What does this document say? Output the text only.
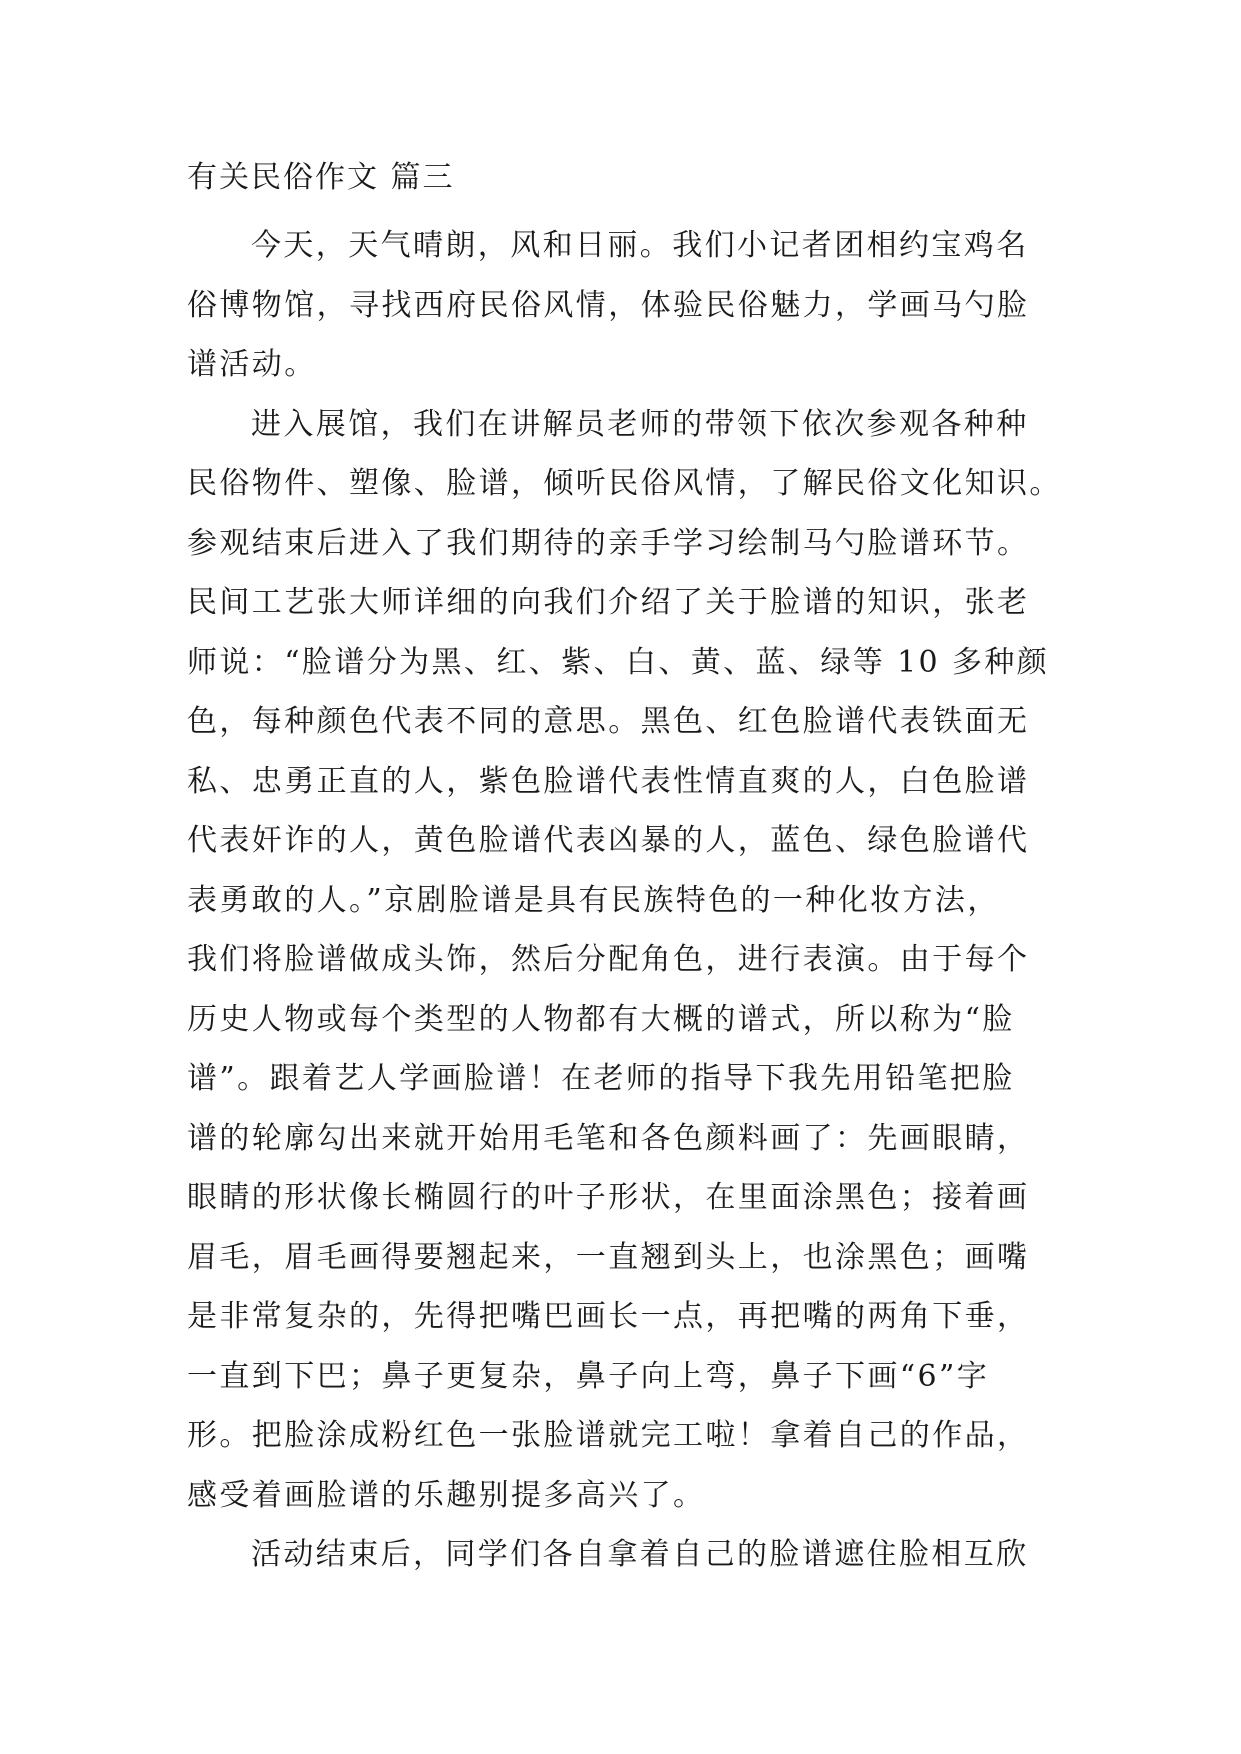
有关民俗作文 篇三

今天，天气晴朗，风和日丽。我们小记者团相约宝鸡名
俗博物馆，寻找西府民俗风情，体验民俗魅力，学画马勺脸
谱活动。

进入展馆，我们在讲解员老师的带领下依次参观各种种
民俗物件、塑像、脸谱，倾听民俗风情，了解民俗文化知识。
参观结束后进入了我们期待的亲手学习绘制马勺脸谱环节。
民间工艺张大师详细的向我们介绍了关于脸谱的知识，张老
师说：“脸谱分为黑、红、紫、白、黄、蓝、绿等 10 多种颜
色，每种颜色代表不同的意思。黑色、红色脸谱代表铁面无
私、忠勇正直的人，紫色脸谱代表性情直爽的人，白色脸谱
代表奸诈的人，黄色脸谱代表凶暴的人，蓝色、绿色脸谱代
表勇敢的人。”京剧脸谱是具有民族特色的一种化妆方法，
我们将脸谱做成头饰，然后分配角色，进行表演。由于每个
历史人物或每个类型的人物都有大概的谱式，所以称为“脸
谱”。跟着艺人学画脸谱！在老师的指导下我先用铅笔把脸
谱的轮廓勾出来就开始用毛笔和各色颜料画了：先画眼睛，
眼睛的形状像长椭圆行的叶子形状，在里面涂黑色；接着画
眉毛，眉毛画得要翘起来，一直翘到头上，也涂黑色；画嘴
是非常复杂的，先得把嘴巴画长一点，再把嘴的两角下垂，
一直到下巴；鼻子更复杂，鼻子向上弯，鼻子下画“6”字
形。把脸涂成粉红色一张脸谱就完工啦！拿着自己的作品，
感受着画脸谱的乐趣别提多高兴了。

活动结束后，同学们各自拿着自己的脸谱遮住脸相互欣
